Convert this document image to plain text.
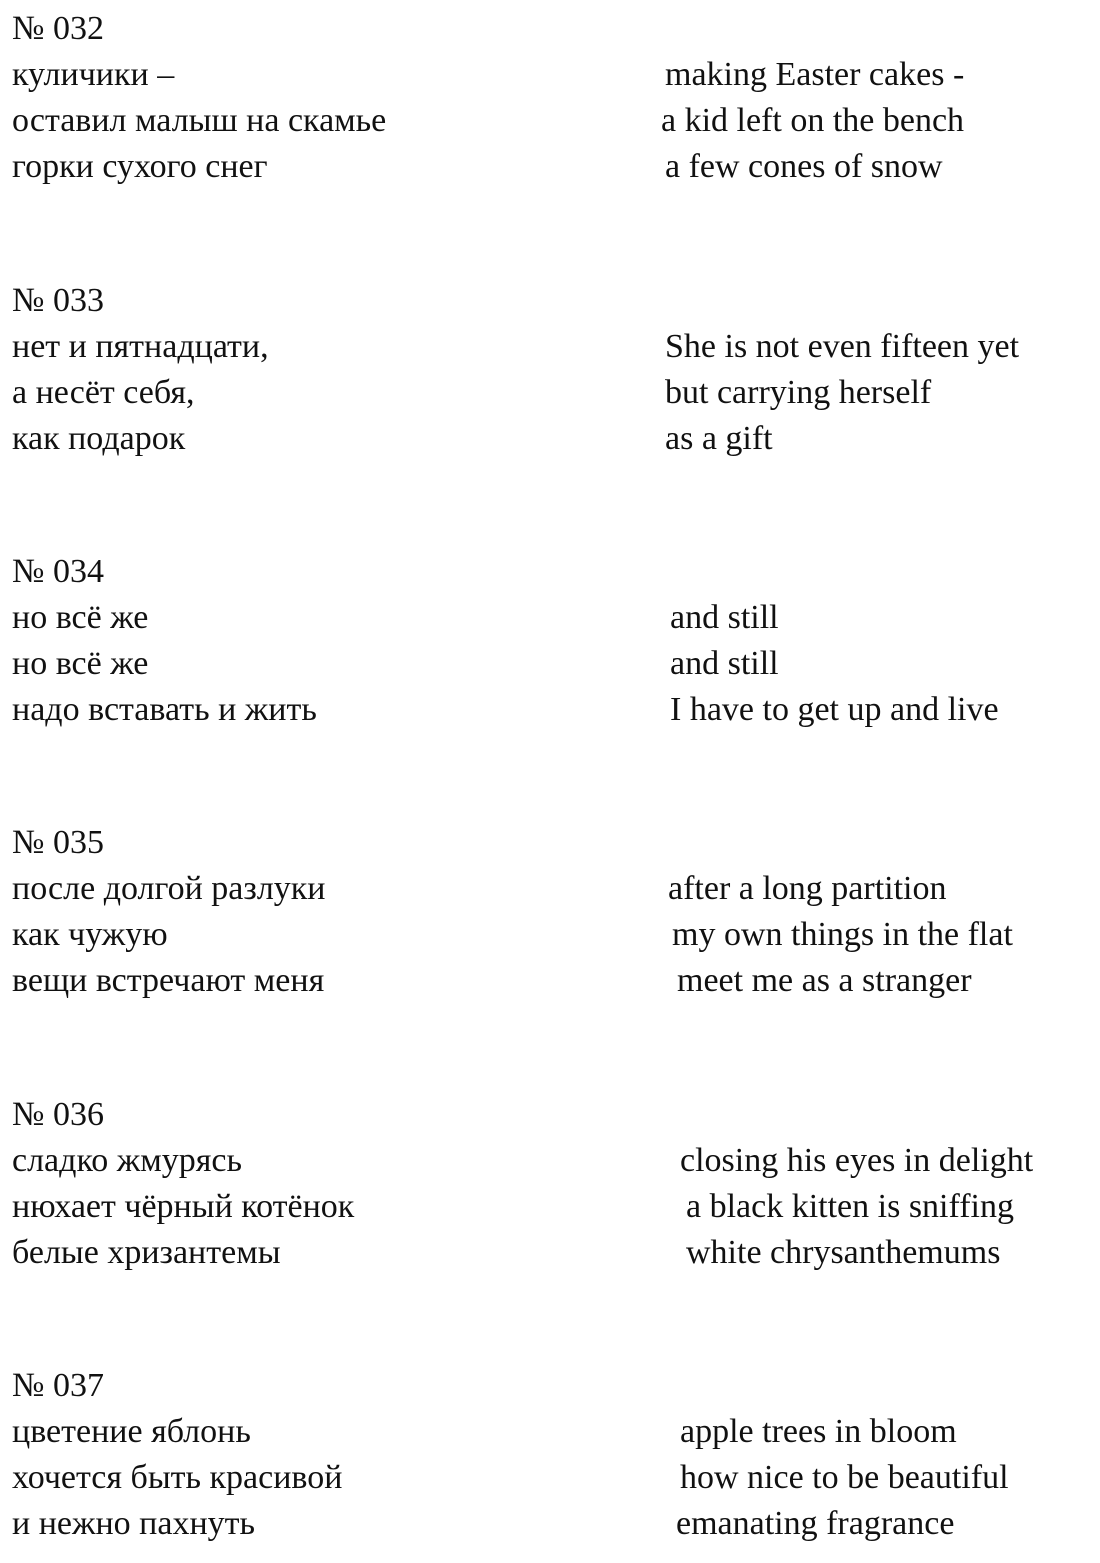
№ 032
куличики –
оставил малыш на скамье
горки сухого снег
making Easter cakes -
a kid left on the bench
a few cones of snow
№ 033
нет и пятнадцати,
а несёт себя,
как подарок
She is not even fifteen yet
but carrying herself
as a gift
№ 034
но всё же
но всё же
надо вставать и жить
and still
and still
I have to get up and live
№ 035
после долгой разлуки
как чужую
вещи встречают меня
after a long partition
my own things in the flat
meet me as a stranger
№ 036
сладко жмурясь
нюхает чёрный котёнок
белые хризантемы
closing his eyes in delight
a black kitten is sniffing
white chrysanthemums
№ 037
цветение яблонь
хочется быть красивой
и нежно пахнуть
apple trees in bloom
how nice to be beautiful
emanating fragrance
